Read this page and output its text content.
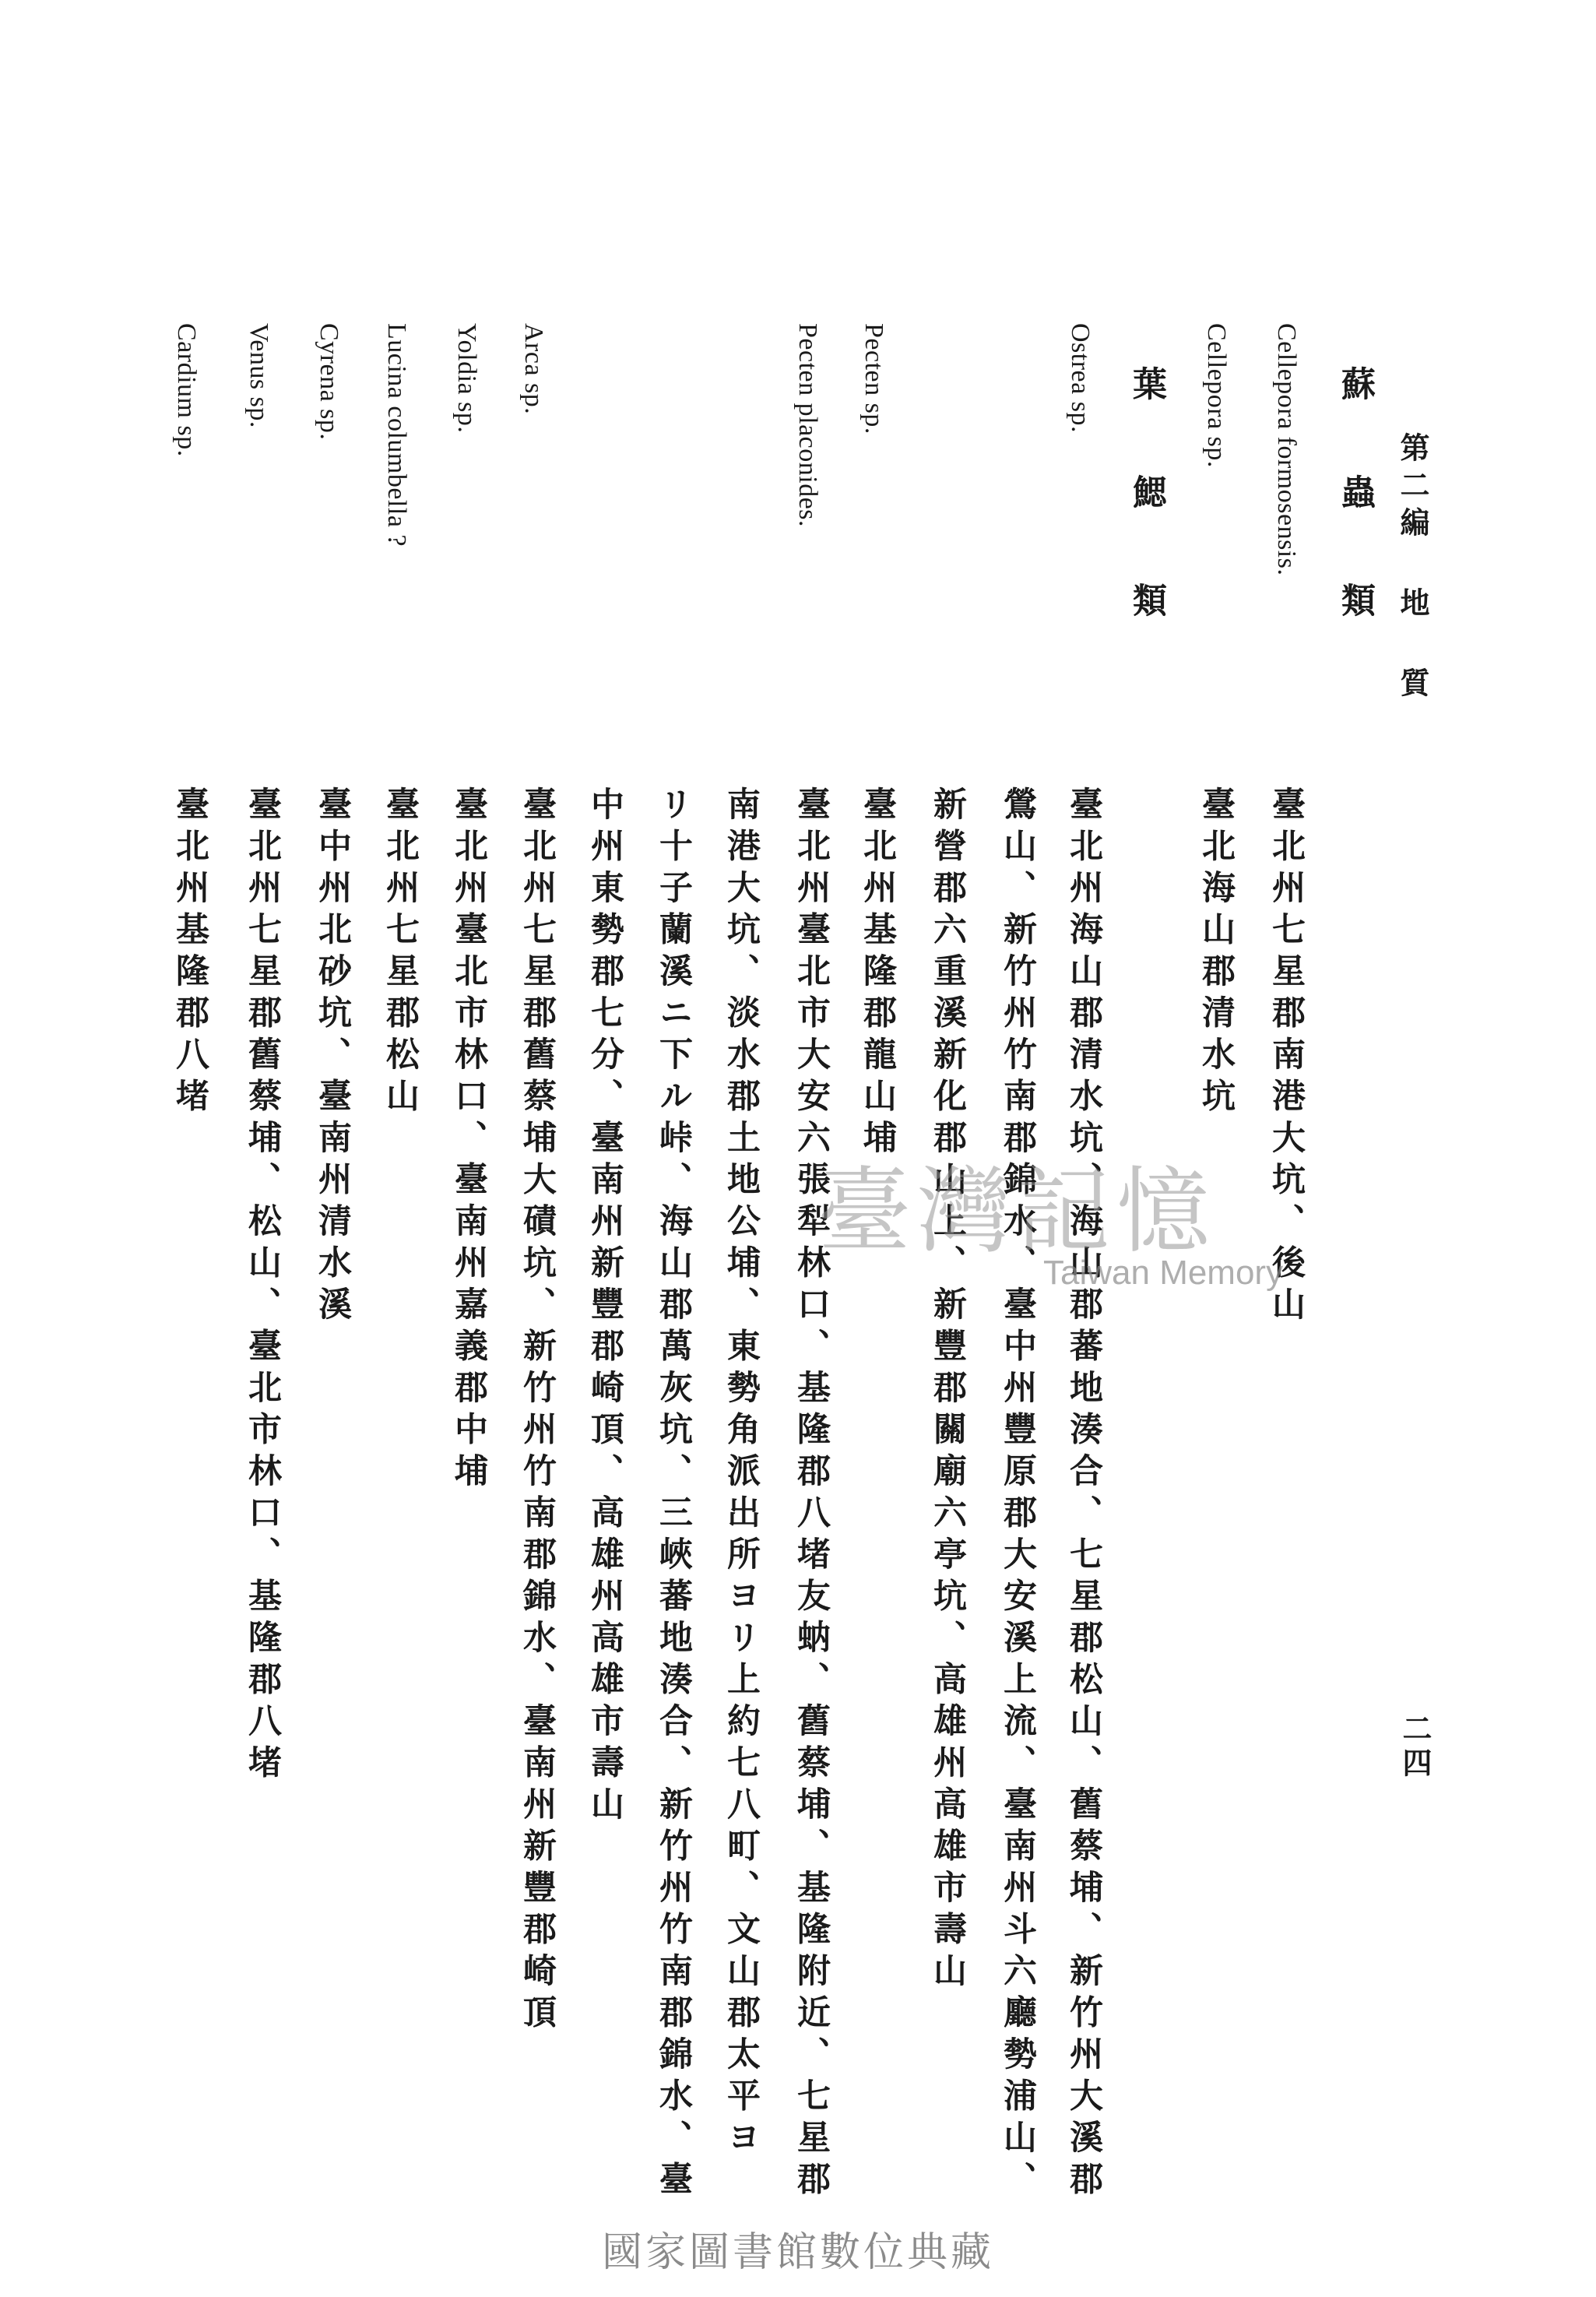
第二編 地 質
二四
蘇 蟲 類
葉 鰓 類	Cellepora formosensis.
Cellepora sp.
Ostrea sp.
Pecten sp.
Pecten placonides.
Arca sp.
Yoldia sp.
Lucina columbella ?
Cyrena sp.
Venus sp.
Cardium sp.
臺北州七星郡南港大坑、後山
臺北海山郡清水坑
臺北州海山郡清水坑、海山郡蕃地湊合、七星郡松山、舊蔡埔、新竹州大溪郡
鶯山、新竹州竹南郡錦水、臺中州豐原郡大安溪上流、臺南州斗六廳勢浦山、
新營郡六重溪新化郡山上、新豐郡關廟六亭坑、高雄州高雄市壽山
臺北州基隆郡龍山埔
臺北州臺北市大安六張犁林口、基隆郡八堵友蚋、舊蔡埔、基隆附近、七星郡
南港大坑、淡水郡土地公埔、東勢角派出所ヨリ上約七八町、文山郡太平ヨ
リ十子蘭溪ニ下ル峠、海山郡萬灰坑、三峽蕃地湊合、新竹州竹南郡錦水、臺
中州東勢郡七分、臺南州新豐郡崎頂、高雄州高雄市壽山
臺北州七星郡舊蔡埔大磧坑、新竹州竹南郡錦水、臺南州新豐郡崎頂
臺北州臺北市林口、臺南州嘉義郡中埔
臺北州七星郡松山
臺中州北砂坑、臺南州清水溪
臺北州七星郡舊蔡埔、松山、臺北市林口、基隆郡八堵
臺北州基隆郡八堵
臺灣記憶
Taiwan Memory
國家圖書館數位典藏
